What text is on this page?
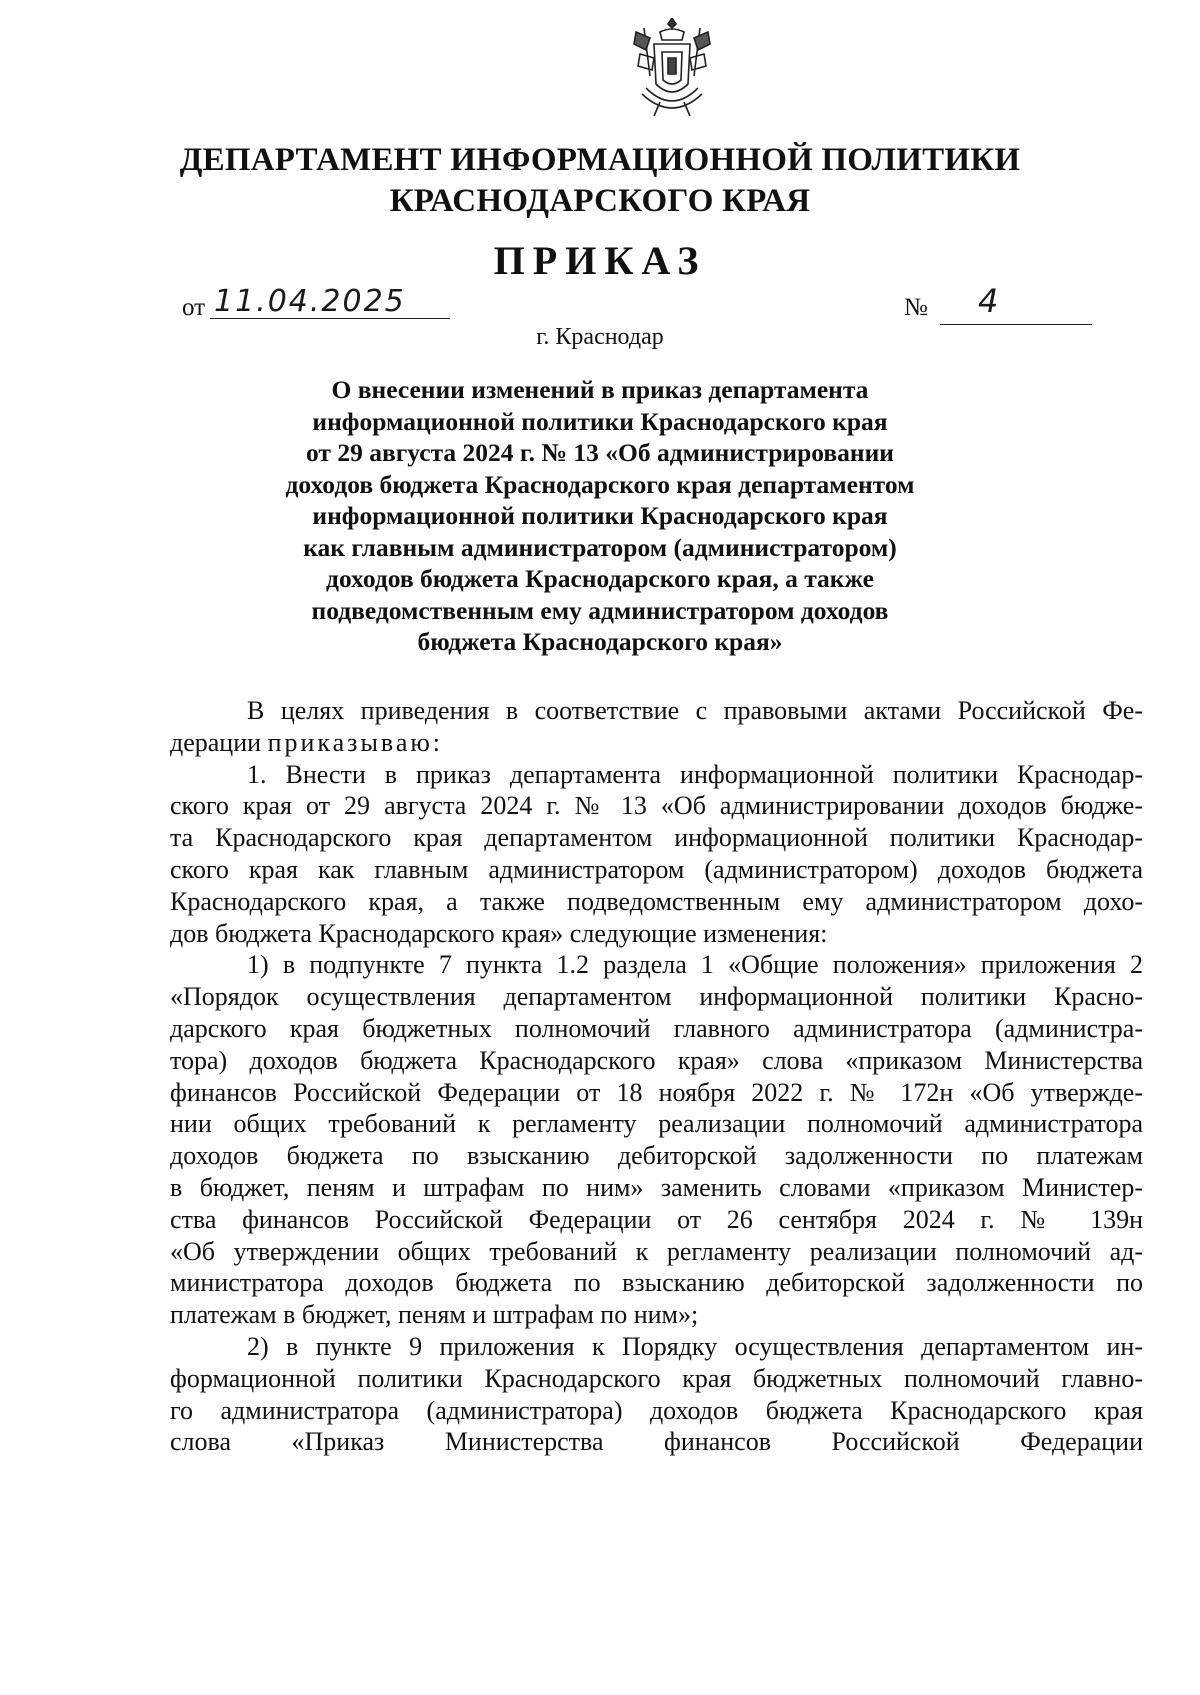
ДЕПАРТАМЕНТ ИНФОРМАЦИОННОЙ ПОЛИТИКИ
КРАСНОДАРСКОГО КРАЯ
ПРИКАЗ
от 11.04.2025	№ 4
г. Краснодар
О внесении изменений в приказ департамента
информационной политики Краснодарского края
от 29 августа 2024 г. № 13 «Об администрировании
доходов бюджета Краснодарского края департаментом
информационной политики Краснодарского края
как главным администратором (администратором)
доходов бюджета Краснодарского края, а также
подведомственным ему администратором доходов
бюджета Краснодарского края»
В целях приведения в соответствие с правовыми актами Российской Фе-
дерации приказываю:
1. Внести в приказ департамента информационной политики Краснодар-
ского края от 29 августа 2024 г. № 13 «Об администрировании доходов бюдже-
та Краснодарского края департаментом информационной политики Краснодар-
ского края как главным администратором (администратором) доходов бюджета
Краснодарского края, а также подведомственным ему администратором дохо-
дов бюджета Краснодарского края» следующие изменения:
1) в подпункте 7 пункта 1.2 раздела 1 «Общие положения» приложения 2
«Порядок осуществления департаментом информационной политики Красно-
дарского края бюджетных полномочий главного администратора (администра-
тора) доходов бюджета Краснодарского края» слова «приказом Министерства
финансов Российской Федерации от 18 ноября 2022 г. № 172н «Об утвержде-
нии общих требований к регламенту реализации полномочий администратора
доходов бюджета по взысканию дебиторской задолженности по платежам
в бюджет, пеням и штрафам по ним» заменить словами «приказом Министер-
ства финансов Российской Федерации от 26 сентября 2024 г. № 139н
«Об утверждении общих требований к регламенту реализации полномочий ад-
министратора доходов бюджета по взысканию дебиторской задолженности по
платежам в бюджет, пеням и штрафам по ним»;
2) в пункте 9 приложения к Порядку осуществления департаментом ин-
формационной политики Краснодарского края бюджетных полномочий главно-
го администратора (администратора) доходов бюджета Краснодарского края
слова «Приказ Министерства финансов Российской Федерации
